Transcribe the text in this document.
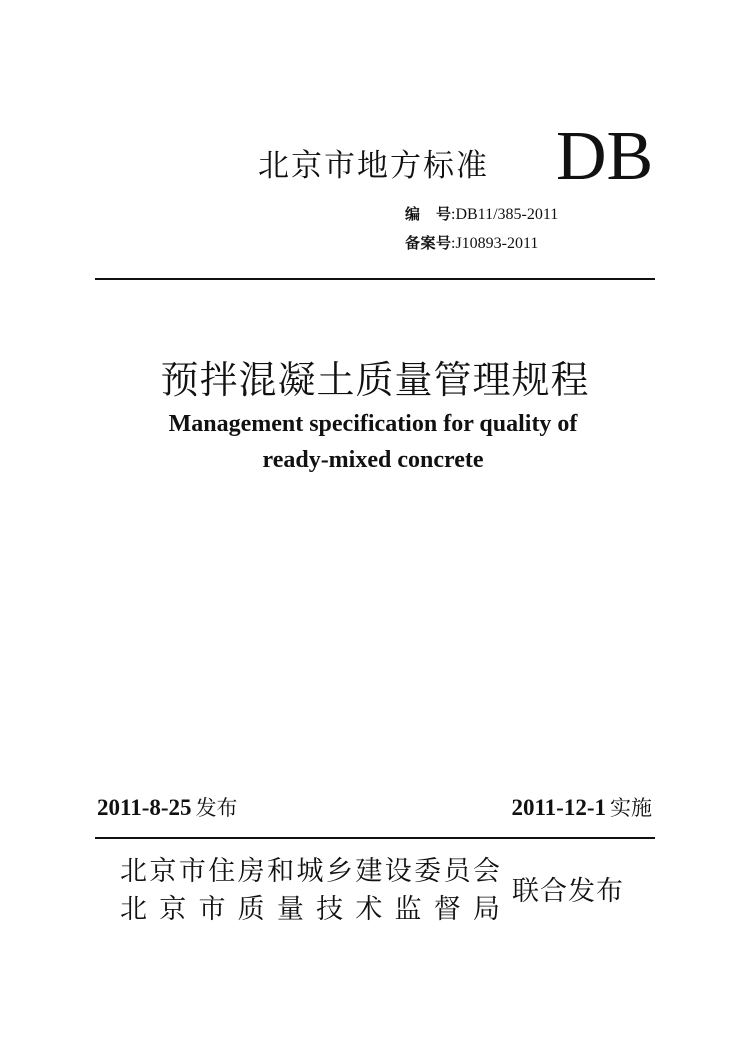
北京市地方标准 DB
编号:DB11/385-2011
备案号:J10893-2011
预拌混凝土质量管理规程
Management specification for quality of
ready-mixed concrete
2011-8-25 发布	2011-12-1 实施
北京市住房和城乡建设委员会
北京市质量技术监督局
联合发布
